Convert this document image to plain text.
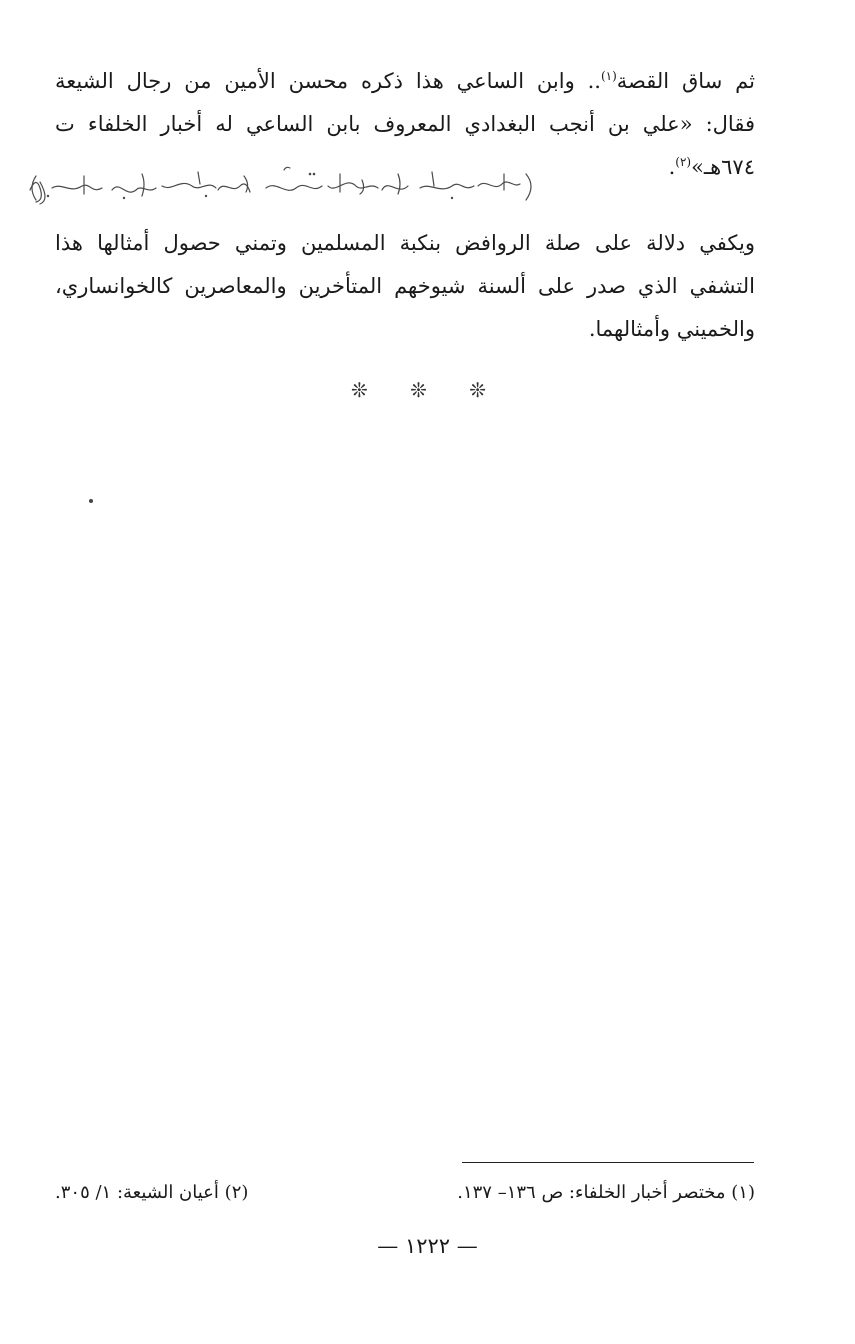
ثم ساق القصة$^{(١)}$.. وابن الساعي هذا ذكره محسن الأمين من رجال الشيعة
فقال: «علي بن أنجب البغدادي المعروف بابن الساعي له أخبار الخلفاء ت
٦٧٤هـ»$^{(٢)}$.
ويكفي دلالة على صلة الروافض بنكبة المسلمين وتمني حصول أمثالها هذا
التشفي الذي صدر على ألسنة شيوخهم المتأخرين والمعاصرين كالخوانساري،
والخميني وأمثالهما.
❊ ❊ ❊
(١) مختصر أخبار الخلفاء: ص ١٣٦– ١٣٧.
(٢) أعيان الشيعة: ١/ ٣٠٥.
— ١٢٢٢ —
